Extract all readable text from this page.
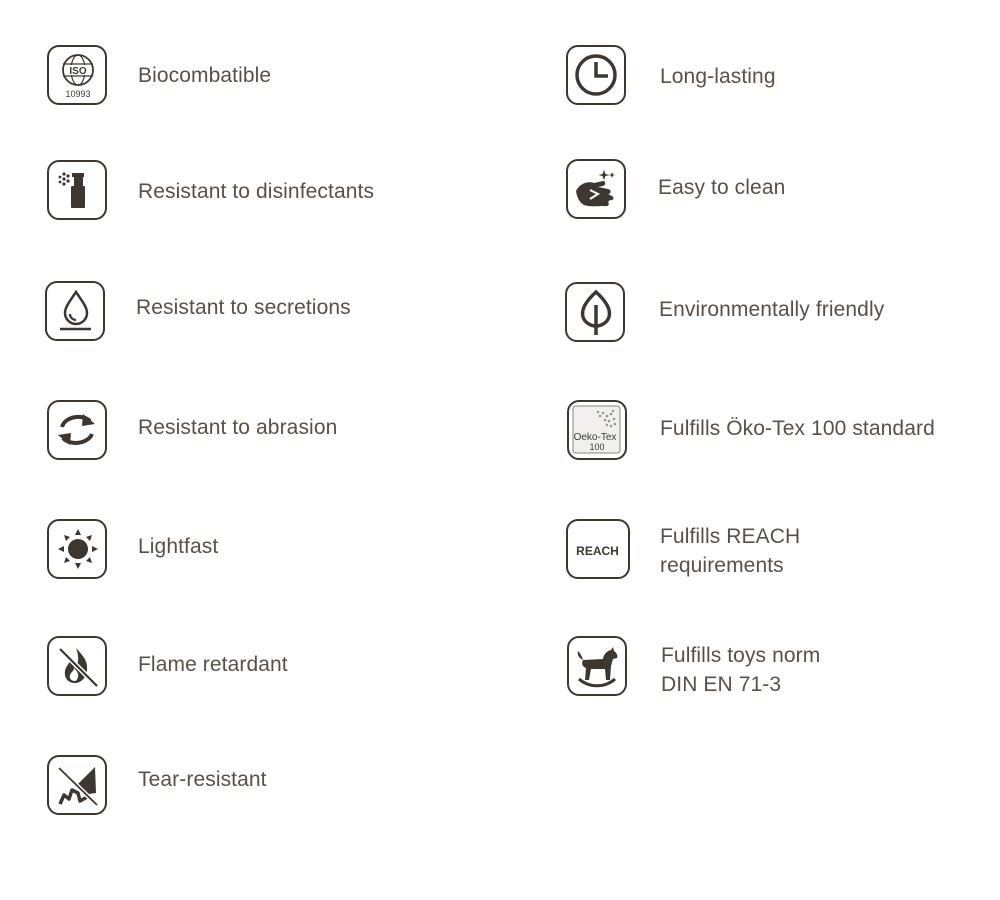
ISO
10993
Biocombatible
Resistant to disinfectants
Resistant to secretions
Resistant to abrasion
Lightfast
Flame retardant
Tear-resistant
Long-lasting
Easy to clean
Environmentally friendly
Oeko-Tex
100
Fulfills Öko-Tex 100 standard
REACH
Fulfills REACH
requirements
Fulfills toys norm
DIN EN 71-3
